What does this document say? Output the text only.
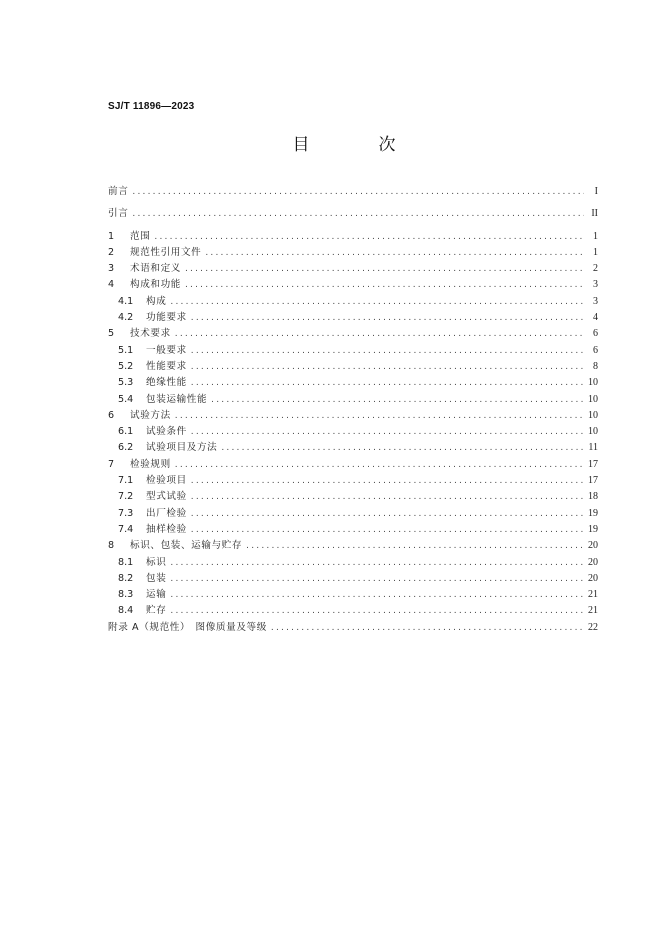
SJ/T 11896—2023
目　次
前言 .....	I
引言 .....	II
1	范围 .....	1
2	规范性引用文件 .....	1
3	术语和定义 .....	2
4	构成和功能 .....	3
4.1	构成 .....	3
4.2	功能要求 .....	4
5	技术要求 .....	6
5.1	一般要求 .....	6
5.2	性能要求 .....	8
5.3	绝缘性能 .....	10
5.4	包装运输性能 .....	10
6	试验方法 .....	10
6.1	试验条件 .....	10
6.2	试验项目及方法 .....	11
7	检验规则 .....	17
7.1	检验项目 .....	17
7.2	型式试验 .....	18
7.3	出厂检验 .....	19
7.4	抽样检验 .....	19
8	标识、包装、运输与贮存 .....	20
8.1	标识 .....	20
8.2	包装 .....	20
8.3	运输 .....	21
8.4	贮存 .....	21
附录 A（规范性）　图像质量及等级 .....	22
